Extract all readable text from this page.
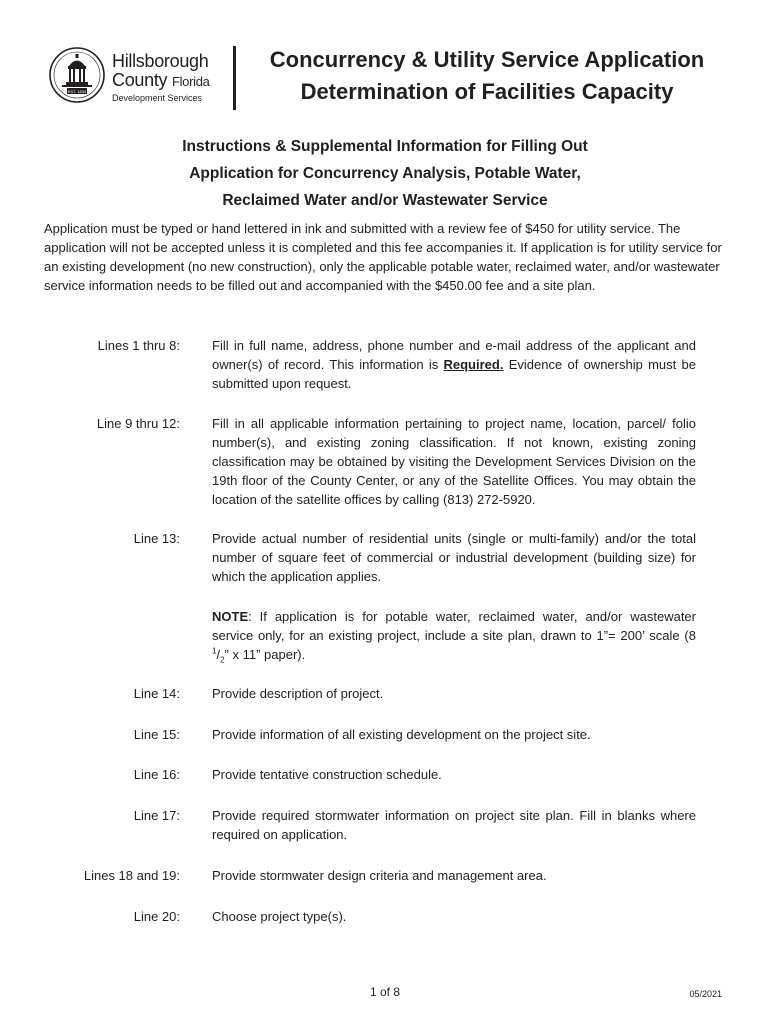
EST. 1834
Hillsborough
County Florida
Development Services
Concurrency & Utility Service Application
Determination of Facilities Capacity
Instructions & Supplemental Information for Filling Out
Application for Concurrency Analysis, Potable Water,
Reclaimed Water and/or Wastewater Service
Application must be typed or hand lettered in ink and submitted with a review fee of $450 for utility service. The application will not be accepted unless it is completed and this fee accompanies it. If application is for utility service for an existing development (no new construction), only the applicable potable water, reclaimed water, and/or wastewater service information needs to be filled out and accompanied with the $450.00 fee and a site plan.
Lines 1 thru 8: Fill in full name, address, phone number and e-mail address of the applicant and owner(s) of record. This information is Required. Evidence of ownership must be submitted upon request.
Line 9 thru 12: Fill in all applicable information pertaining to project name, location, parcel/ folio number(s), and existing zoning classification. If not known, existing zoning classification may be obtained by visiting the Development Services Division on the 19th floor of the County Center, or any of the Satellite Offices. You may obtain the location of the satellite offices by calling (813) 272-5920.
Line 13: Provide actual number of residential units (single or multi-family) and/or the total number of square feet of commercial or industrial development (building size) for which the application applies.
NOTE: If application is for potable water, reclaimed water, and/or wastewater service only, for an existing project, include a site plan, drawn to 1”= 200’ scale (8 $^1/_2$” x 11” paper).
Line 14: Provide description of project.
Line 15: Provide information of all existing development on the project site.
Line 16: Provide tentative construction schedule.
Line 17: Provide required stormwater information on project site plan. Fill in blanks where required on application.
Lines 18 and 19: Provide stormwater design criteria and management area.
Line 20: Choose project type(s).
1 of 8	05/2021
